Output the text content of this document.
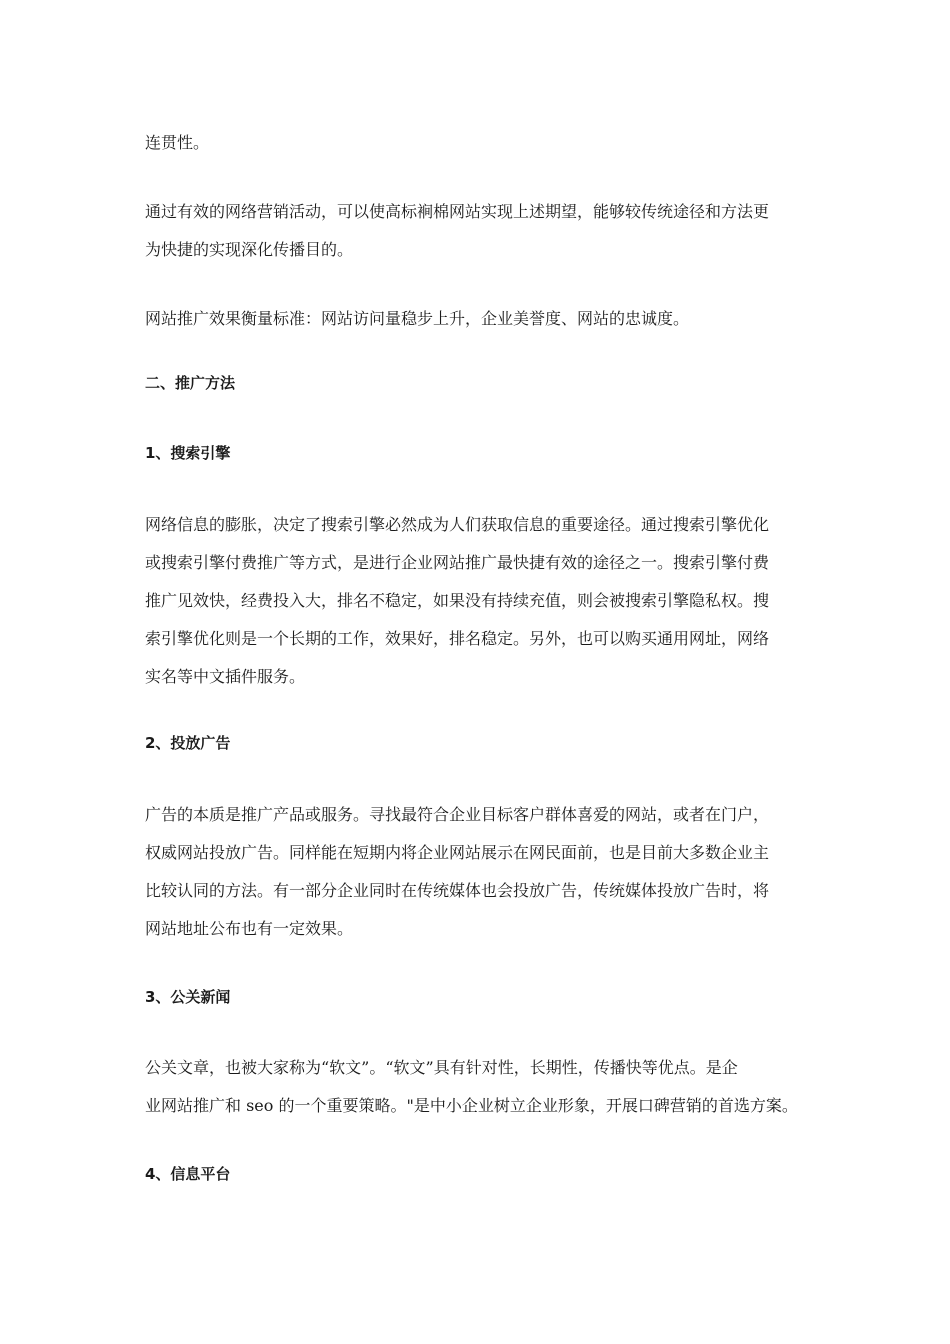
连贯性。

通过有效的网络营销活动，可以使高标裥棉网站实现上述期望，能够较传统途径和方法更
为快捷的实现深化传播目的。

网站推广效果衡量标准：网站访问量稳步上升，企业美誉度、网站的忠诚度。

二、推广方法
1、搜索引擎

网络信息的膨胀，决定了搜索引擎必然成为人们获取信息的重要途径。通过搜索引擎优化
或搜索引擎付费推广等方式，是进行企业网站推广最快捷有效的途径之一。搜索引擎付费
推广见效快，经费投入大，排名不稳定，如果没有持续充值，则会被搜索引擎隐私权。搜
索引擎优化则是一个长期的工作，效果好，排名稳定。另外，也可以购买通用网址，网络
实名等中文插件服务。

2、投放广告

广告的本质是推广产品或服务。寻找最符合企业目标客户群体喜爱的网站，或者在门户，
权威网站投放广告。同样能在短期内将企业网站展示在网民面前，也是目前大多数企业主
比较认同的方法。有一部分企业同时在传统媒体也会投放广告，传统媒体投放广告时，将
网站地址公布也有一定效果。

3、公关新闻

公关文章，也被大家称为“软文”。“软文”具有针对性，长期性，传播快等优点。是企
业网站推广和 seo 的一个重要策略。"是中小企业树立企业形象，开展口碑营销的首选方案。

4、信息平台
